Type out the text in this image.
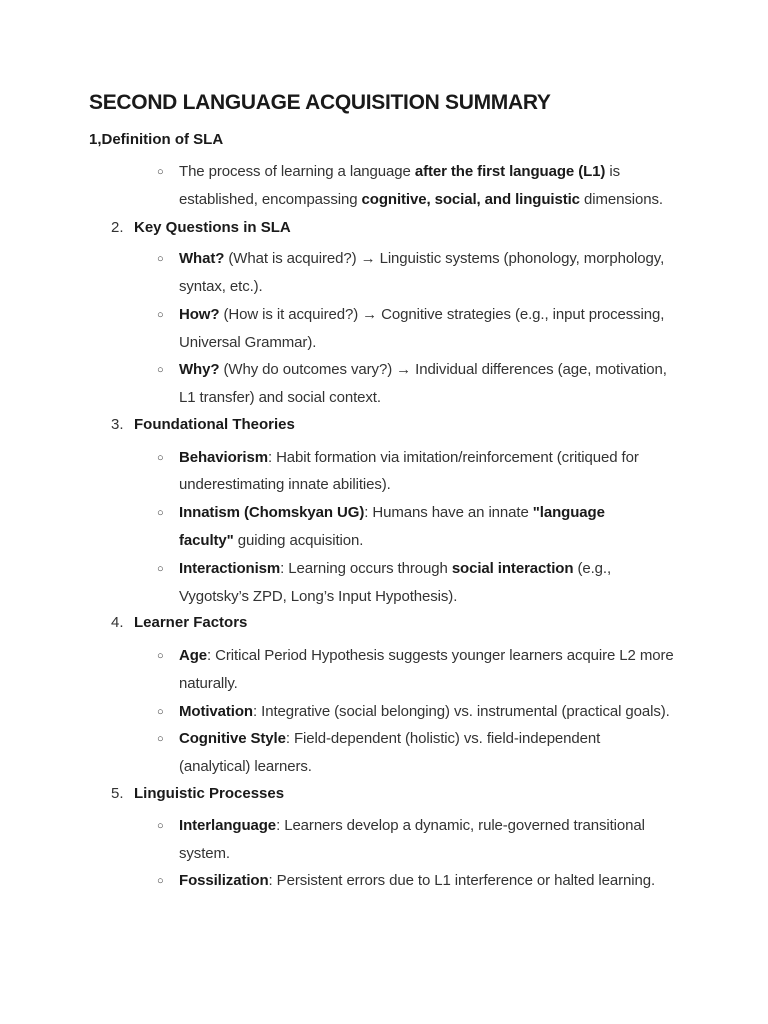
SECOND LANGUAGE ACQUISITION SUMMARY
1,Definition of SLA
○ The process of learning a language after the first language (L1) is
established, encompassing cognitive, social, and linguistic dimensions.
2. Key Questions in SLA
○ What? (What is acquired?) → Linguistic systems (phonology, morphology,
syntax, etc.).
○ How? (How is it acquired?) → Cognitive strategies (e.g., input processing,
Universal Grammar).
○ Why? (Why do outcomes vary?) → Individual differences (age, motivation,
L1 transfer) and social context.
3. Foundational Theories
○ Behaviorism: Habit formation via imitation/reinforcement (critiqued for
underestimating innate abilities).
○ Innatism (Chomskyan UG): Humans have an innate "language
faculty" guiding acquisition.
○ Interactionism: Learning occurs through social interaction (e.g.,
Vygotsky’s ZPD, Long’s Input Hypothesis).
4. Learner Factors
○ Age: Critical Period Hypothesis suggests younger learners acquire L2 more
naturally.
○ Motivation: Integrative (social belonging) vs. instrumental (practical goals).
○ Cognitive Style: Field-dependent (holistic) vs. field-independent
(analytical) learners.
5. Linguistic Processes
○ Interlanguage: Learners develop a dynamic, rule-governed transitional
system.
○ Fossilization: Persistent errors due to L1 interference or halted learning.
